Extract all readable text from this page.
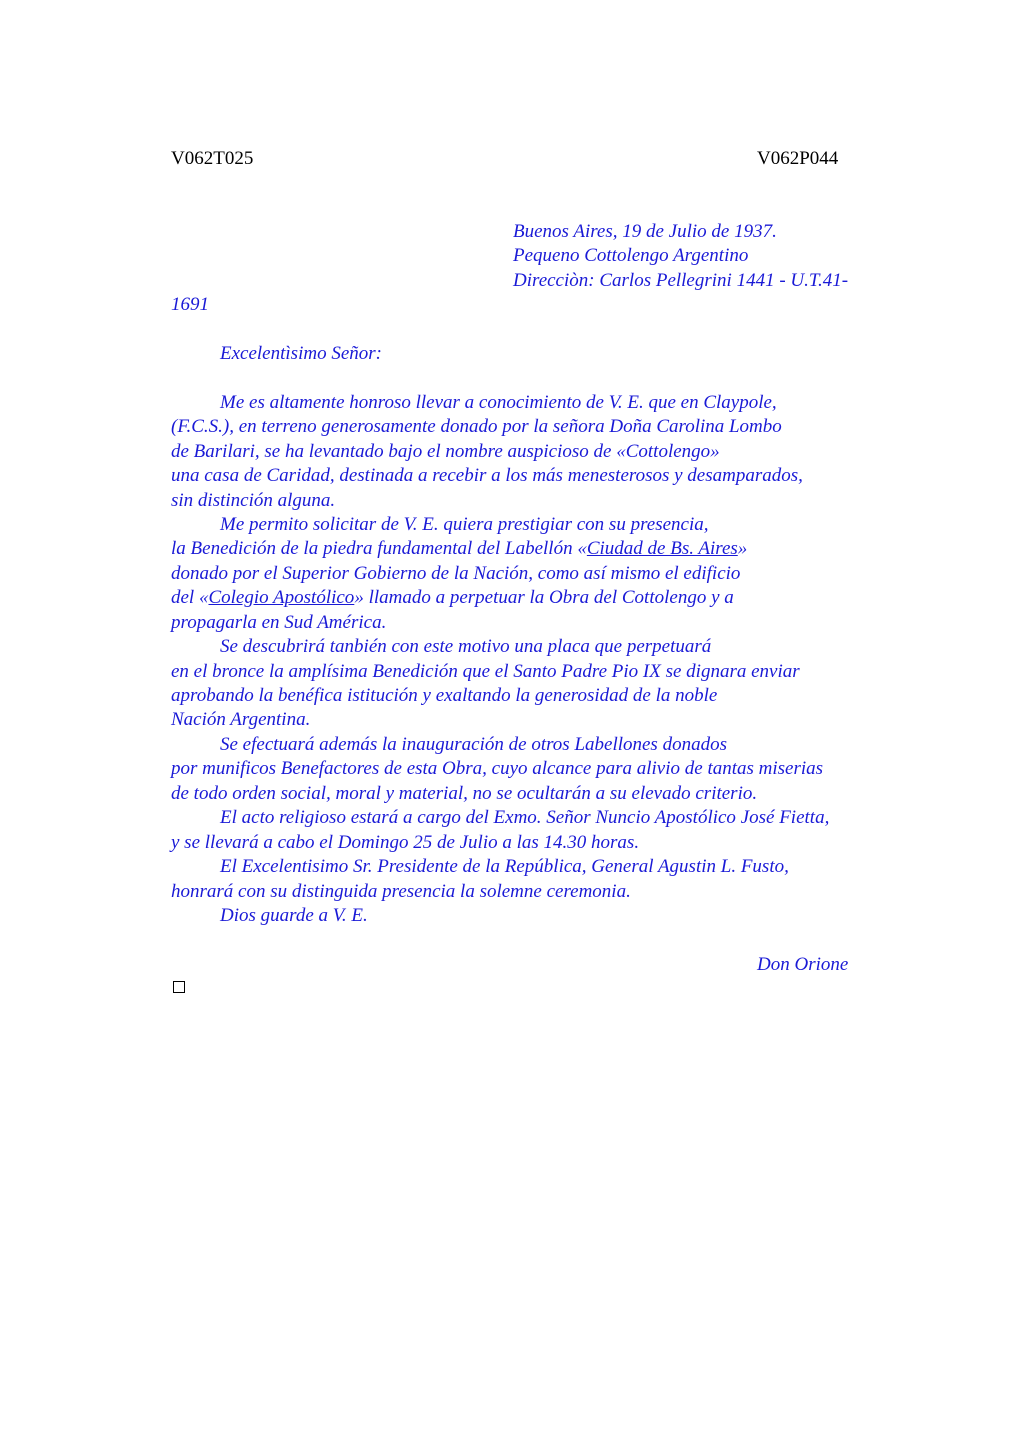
V062T025	V062P044
Buenos Aires, 19 de Julio de 1937.
Pequeno Cottolengo Argentino
Direcciòn: Carlos Pellegrini 1441 - U.T.41-
1691
Excelentìsimo Señor:
Me es altamente honroso llevar a conocimiento de V. E. que en Claypole,
(F.C.S.), en terreno generosamente donado por la señora Doña Carolina Lombo
de Barilari, se ha levantado bajo el nombre auspicioso de «Cottolengo»
una casa de Caridad, destinada a recebir a los más menesterosos y desamparados,
sin distinción alguna.
Me permito solicitar de V. E. quiera prestigiar con su presencia,
la Benedición de la piedra fundamental del Labellón «Ciudad de Bs. Aires»
donado por el Superior Gobierno de la Nación, como así mismo el edificio
del «Colegio Apostólico» llamado a perpetuar la Obra del Cottolengo y a
propagarla en Sud América.
Se descubrirá tanbién con este motivo una placa que perpetuará
en el bronce la amplísima Benedición que el Santo Padre Pio IX se dignara enviar
aprobando la benéfica istitución y exaltando la generosidad de la noble
Nación Argentina.
Se efectuará además la inauguración de otros Labellones donados
por munificos Benefactores de esta Obra, cuyo alcance para alivio de tantas miserias
de todo orden social, moral y material, no se ocultarán a su elevado criterio.
El acto religioso estará a cargo del Exmo. Señor Nuncio Apostólico José Fietta,
y se llevará a cabo el Domingo 25 de Julio a las 14.30 horas.
El Excelentisimo Sr. Presidente de la República, General Agustin L. Fusto,
honrará con su distinguida presencia la solemne ceremonia.
Dios guarde a V. E.
Don Orione
